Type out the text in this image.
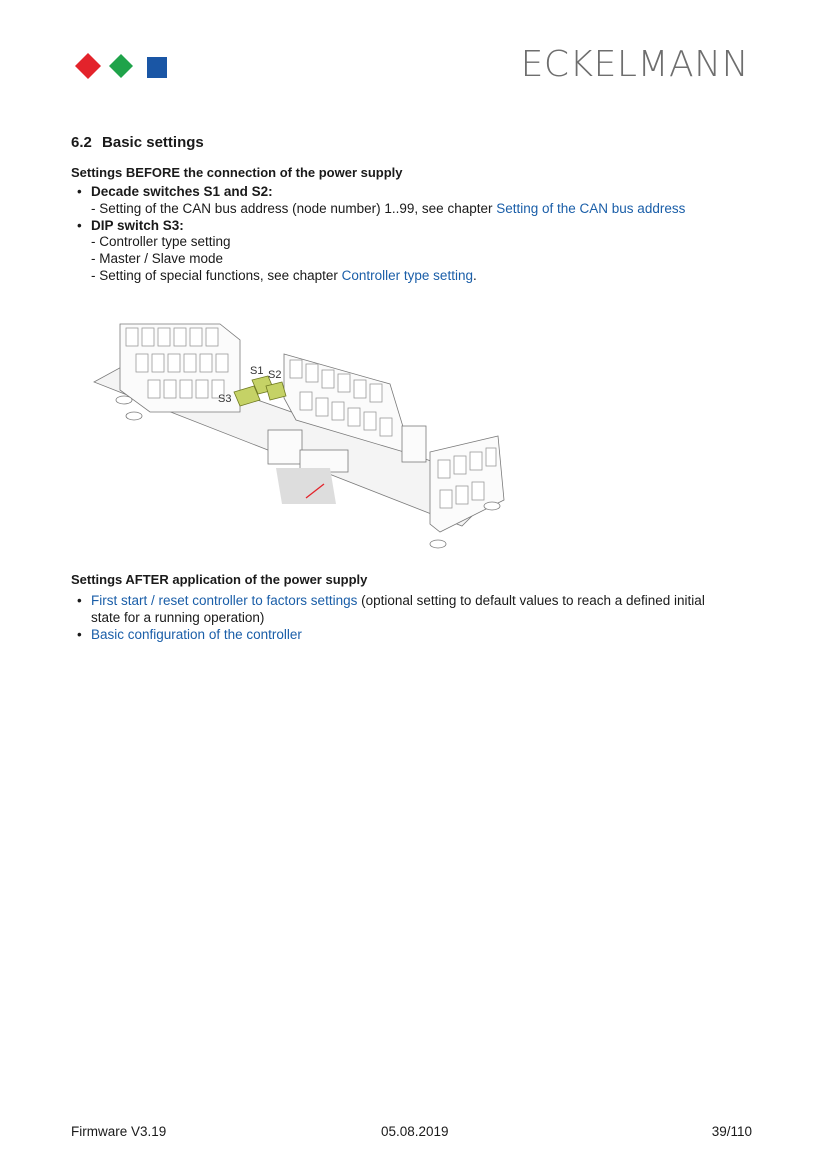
ECKELMANN
6.2 Basic settings
Settings BEFORE the connection of the power supply
• Decade switches S1 and S2:
- Setting of the CAN bus address (node number) 1..99, see chapter Setting of the CAN bus address
• DIP switch S3:
- Controller type setting
- Master / Slave mode
- Setting of special functions, see chapter Controller type setting.
S1 S2
S3
Settings AFTER application of the power supply
• First start / reset controller to factors settings (optional setting to default values to reach a defined initial state for a running operation)
• Basic configuration of the controller
Firmware V3.19	05.08.2019	39/110
